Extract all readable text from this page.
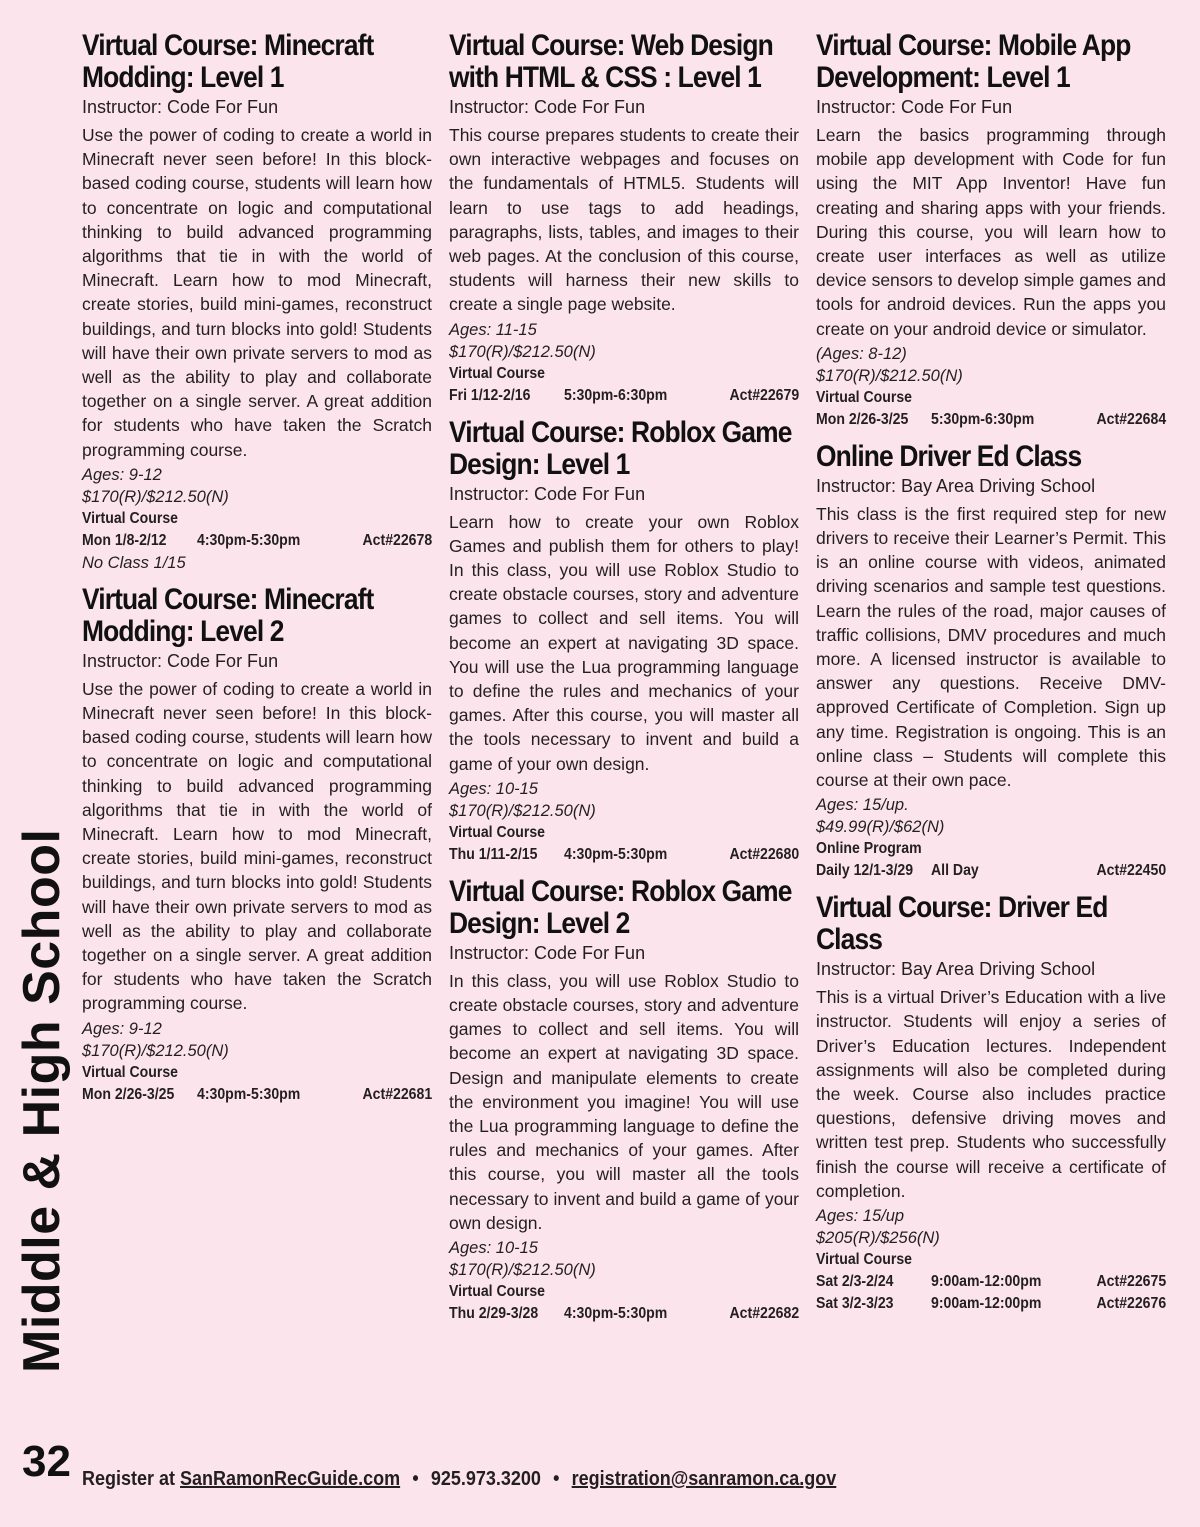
Middle & High School
Virtual Course: Minecraft Modding: Level 1
Instructor: Code For Fun
Use the power of coding to create a world in Minecraft never seen before! In this block-based coding course, students will learn how to concentrate on logic and computational thinking to build advanced programming algorithms that tie in with the world of Minecraft. Learn how to mod Minecraft, create stories, build mini-games, reconstruct buildings, and turn blocks into gold! Students will have their own private servers to mod as well as the ability to play and collaborate together on a single server. A great addition for students who have taken the Scratch programming course.
Ages: 9-12
$170(R)/$212.50(N)
Virtual Course
Mon 1/8-2/12	4:30pm-5:30pm	Act#22678
No Class 1/15
Virtual Course: Minecraft Modding: Level 2
Instructor: Code For Fun
Use the power of coding to create a world in Minecraft never seen before! In this block-based coding course, students will learn how to concentrate on logic and computational thinking to build advanced programming algorithms that tie in with the world of Minecraft. Learn how to mod Minecraft, create stories, build mini-games, reconstruct buildings, and turn blocks into gold! Students will have their own private servers to mod as well as the ability to play and collaborate together on a single server. A great addition for students who have taken the Scratch programming course.
Ages: 9-12
$170(R)/$212.50(N)
Virtual Course
Mon 2/26-3/25 4:30pm-5:30pm	Act#22681
Virtual Course: Web Design with HTML & CSS : Level 1
Instructor: Code For Fun
This course prepares students to create their own interactive webpages and focuses on the fundamentals of HTML5. Students will learn to use tags to add headings, paragraphs, lists, tables, and images to their web pages. At the conclusion of this course, students will harness their new skills to create a single page website.
Ages: 11-15
$170(R)/$212.50(N)
Virtual Course
Fri 1/12-2/16	5:30pm-6:30pm	Act#22679
Virtual Course: Roblox Game Design: Level 1
Instructor: Code For Fun
Learn how to create your own Roblox Games and publish them for others to play! In this class, you will use Roblox Studio to create obstacle courses, story and adventure games to collect and sell items. You will become an expert at navigating 3D space. You will use the Lua programming language to define the rules and mechanics of your games. After this course, you will master all the tools necessary to invent and build a game of your own design.
Ages: 10-15
$170(R)/$212.50(N)
Virtual Course
Thu 1/11-2/15	4:30pm-5:30pm	Act#22680
Virtual Course: Roblox Game Design: Level 2
Instructor: Code For Fun
In this class, you will use Roblox Studio to create obstacle courses, story and adventure games to collect and sell items. You will become an expert at navigating 3D space. Design and manipulate elements to create the environment you imagine! You will use the Lua programming language to define the rules and mechanics of your games. After this course, you will master all the tools necessary to invent and build a game of your own design.
Ages: 10-15
$170(R)/$212.50(N)
Virtual Course
Thu 2/29-3/28	4:30pm-5:30pm	Act#22682
Virtual Course: Mobile App Development: Level 1
Instructor: Code For Fun
Learn the basics programming through mobile app development with Code for fun using the MIT App Inventor! Have fun creating and sharing apps with your friends. During this course, you will learn how to create user interfaces as well as utilize device sensors to develop simple games and tools for android devices. Run the apps you create on your android device or simulator.
(Ages: 8-12)
$170(R)/$212.50(N)
Virtual Course
Mon 2/26-3/25 5:30pm-6:30pm	Act#22684
Online Driver Ed Class
Instructor: Bay Area Driving School
This class is the first required step for new drivers to receive their Learner’s Permit. This is an online course with videos, animated driving scenarios and sample test questions. Learn the rules of the road, major causes of traffic collisions, DMV procedures and much more. A licensed instructor is available to answer any questions. Receive DMV-approved Certificate of Completion. Sign up any time. Registration is ongoing. This is an online class – Students will complete this course at their own pace.
Ages: 15/up.
$49.99(R)/$62(N)
Online Program
Daily 12/1-3/29 All Day	Act#22450
Virtual Course: Driver Ed Class
Instructor: Bay Area Driving School
This is a virtual Driver’s Education with a live instructor. Students will enjoy a series of Driver’s Education lectures. Independent assignments will also be completed during the week. Course also includes practice questions, defensive driving moves and written test prep. Students who successfully finish the course will receive a certificate of completion.
Ages: 15/up
$205(R)/$256(N)
Virtual Course
Sat 2/3-2/24	9:00am-12:00pm	Act#22675
Sat 3/2-3/23	9:00am-12:00pm	Act#22676
32 Register at SanRamonRecGuide.com • 925.973.3200 • registration@sanramon.ca.gov
